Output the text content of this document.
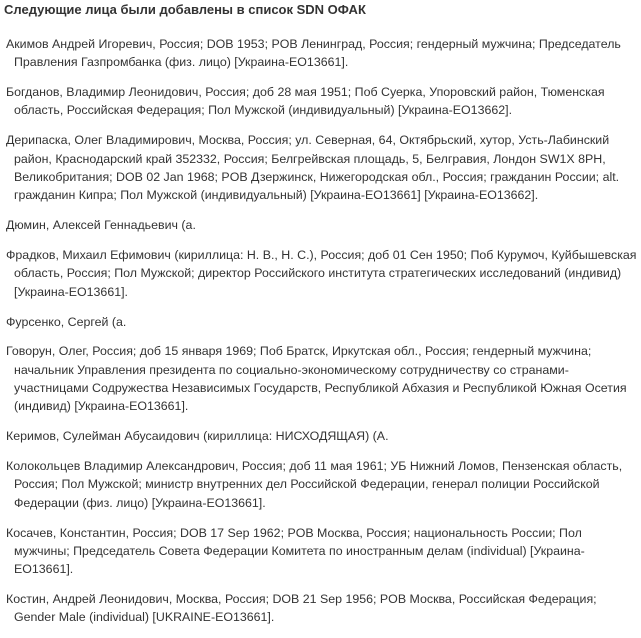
Следующие лица были добавлены в список SDN ОФАК

Акимов Андрей Игоревич, Россия; DOB 1953; POB Ленинград, Россия; гендерный мужчина; Председатель Правления Газпромбанка (физ. лицо) [Украина-EO13661].

Богданов, Владимир Леонидович, Россия; доб 28 мая 1951; Поб Суерка, Упоровский район, Тюменская область, Российская Федерация; Пол Мужской (индивидуальный) [Украина-EO13662].

Дерипаска, Олег Владимирович, Москва, Россия; ул. Северная, 64, Октябрьский, хутор, Усть-Лабинский район, Краснодарский край 352332, Россия; Белгрейвская площадь, 5, Белгравия, Лондон SW1X 8PH, Великобритания; DOB 02 Jan 1968; POB Дзержинск, Нижегородская обл., Россия; гражданин России; alt. гражданин Кипра; Пол Мужской (индивидуальный) [Украина-EO13661] [Украина-EO13662].

Дюмин, Алексей Геннадьевич (а.

Фрадков, Михаил Ефимович (кириллица: Н. В., Н. С.), Россия; доб 01 Сен 1950; Поб Курумоч, Куйбышевская область, Россия; Пол Мужской; директор Российского института стратегических исследований (индивид) [Украина-EO13661].

Фурсенко, Сергей (а.

Говорун, Олег, Россия; доб 15 января 1969; Поб Братск, Иркутская обл., Россия; гендерный мужчина; начальник Управления президента по социально-экономическому сотрудничеству со странами-участницами Содружества Независимых Государств, Республикой Абхазия и Республикой Южная Осетия (индивид) [Украина-EO13661].

Керимов, Сулейман Абусаидович (кириллица: НИСХОДЯЩАЯ) (А.

Колокольцев Владимир Александрович, Россия; доб 11 мая 1961; УБ Нижний Ломов, Пензенская область, Россия; Пол Мужской; министр внутренних дел Российской Федерации, генерал полиции Российской Федерации (физ. лицо) [Украина-EO13661].

Косачев, Константин, Россия; DOB 17 Sep 1962; POB Москва, Россия; национальность России; Пол мужчины; Председатель Совета Федерации Комитета по иностранным делам (individual) [Украина-EO13661].

Костин, Андрей Леонидович, Москва, Россия; DOB 21 Sep 1956; POB Москва, Российская Федерация; Gender Male (individual) [UKRAINE-EO13661].
